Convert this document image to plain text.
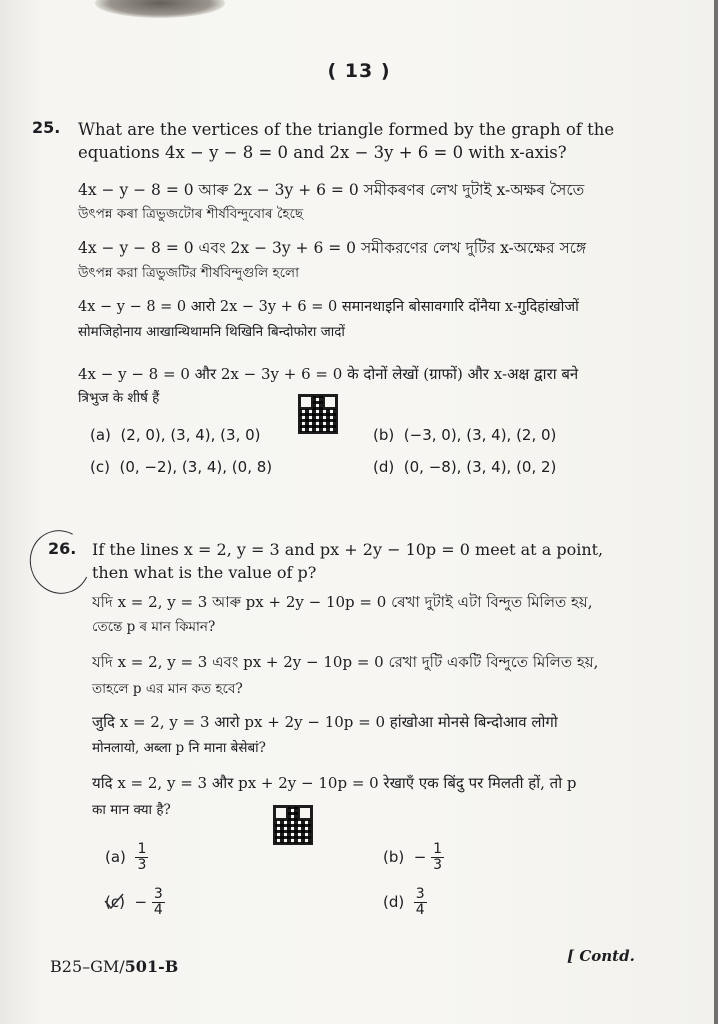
( 13 )
25. What are the vertices of the triangle formed by the graph of the
equations 4x − y − 8 = 0 and 2x − 3y + 6 = 0 with x-axis?
4x − y − 8 = 0 আৰু 2x − 3y + 6 = 0 সমীকৰণৰ লেখ দুটাই x-অক্ষৰ সৈতে
উৎপন্ন কৰা ত্ৰিভুজটোৰ শীৰ্ষবিন্দুবোৰ হৈছে
4x − y − 8 = 0 এবং 2x − 3y + 6 = 0 সমীকরণের লেখ দুটির x-অক্ষের সঙ্গে
উৎপন্ন করা ত্রিভুজটির শীর্ষবিন্দুগুলি হলো
4x − y − 8 = 0 आरो 2x − 3y + 6 = 0 समानथाइनि बोसावगारि दोंनैया x-गुदिहांखोजों
सोमजिहोनाय आखान्थिथामनि थिखिनि बिन्दोफोरा जादों
4x − y − 8 = 0 और 2x − 3y + 6 = 0 के दोनों लेखों (ग्राफों) और x-अक्ष द्वारा बने
त्रिभुज के शीर्ष हैं
(a) (2, 0), (3, 4), (3, 0)	(b) (−3, 0), (3, 4), (2, 0)
(c) (0, −2), (3, 4), (0, 8)	(d) (0, −8), (3, 4), (0, 2)
26. If the lines x = 2, y = 3 and px + 2y − 10p = 0 meet at a point,
then what is the value of p?
যদি x = 2, y = 3 আৰু px + 2y − 10p = 0 ৰেখা দুটাই এটা বিন্দুত মিলিত হয়,
তেন্তে p ৰ মান কিমান?
যদি x = 2, y = 3 এবং px + 2y − 10p = 0 রেখা দুটি একটি বিন্দুতে মিলিত হয়,
তাহলে p এর মান কত হবে?
जुदि x = 2, y = 3 आरो px + 2y − 10p = 0 हांखोआ मोनसे बिन्दोआव लोगो
मोनलायो, अब्ला p नि माना बेसेबां?
यदि x = 2, y = 3 और px + 2y − 10p = 0 रेखाएँ एक बिंदु पर मिलती हों, तो p
का मान क्या है?
$(a) \frac{1}{3}$	$(b) - \frac{1}{3}$
$(c) - \frac{3}{4}$	$(d) \frac{3}{4}$
B25–GM/501-B
[ Contd.
